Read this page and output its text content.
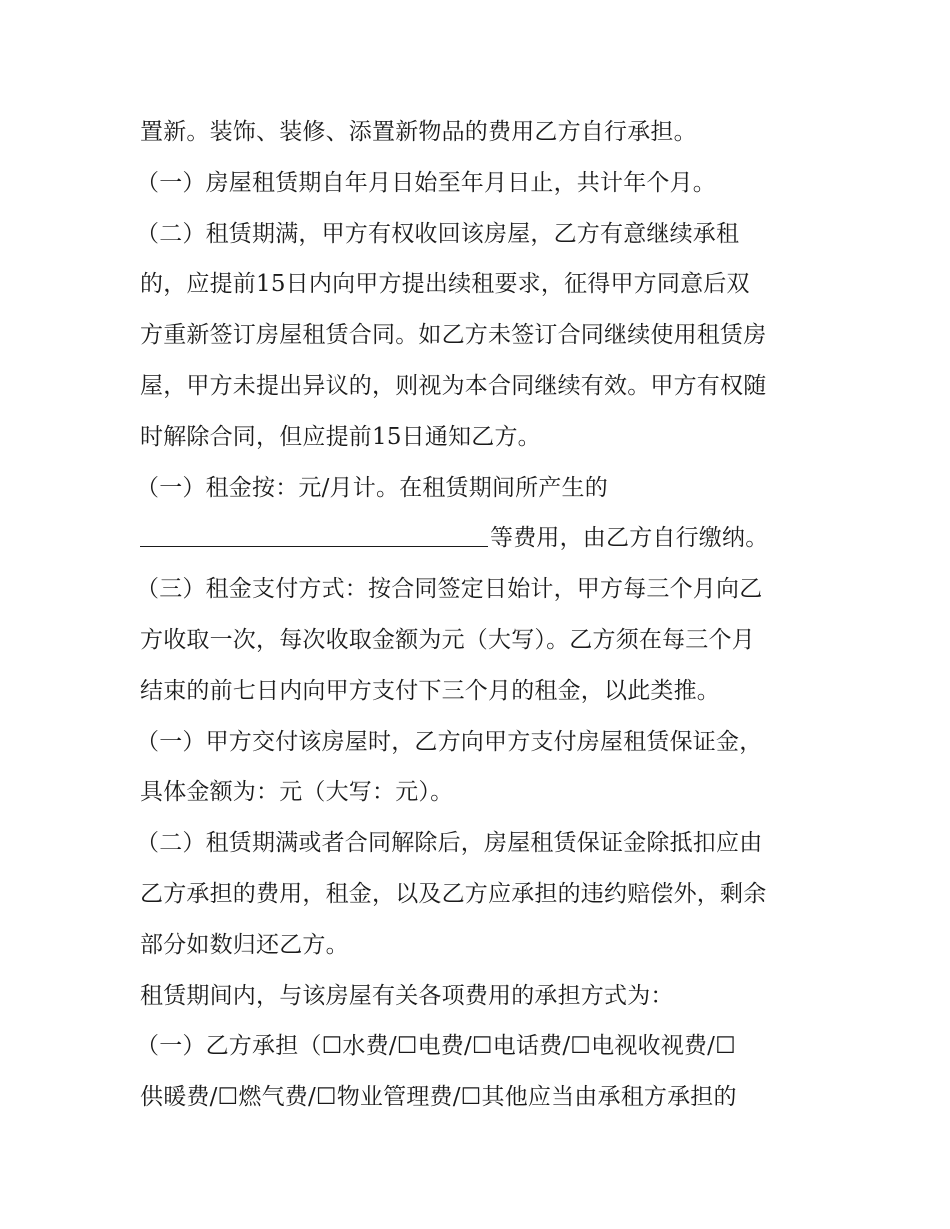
置新。装饰、装修、添置新物品的费用乙方自行承担。
（一）房屋租赁期自年月日始至年月日止，共计年个月。
（二）租赁期满，甲方有权收回该房屋，乙方有意继续承租
的，应提前15日内向甲方提出续租要求，征得甲方同意后双
方重新签订房屋租赁合同。如乙方未签订合同继续使用租赁房
屋，甲方未提出异议的，则视为本合同继续有效。甲方有权随
时解除合同，但应提前15日通知乙方。
（一）租金按：元/月计。在租赁期间所产生的
等费用，由乙方自行缴纳。
（三）租金支付方式：按合同签定日始计，甲方每三个月向乙
方收取一次，每次收取金额为元（大写）。乙方须在每三个月
结束的前七日内向甲方支付下三个月的租金，以此类推。
（一）甲方交付该房屋时，乙方向甲方支付房屋租赁保证金，
具体金额为：元（大写：元）。
（二）租赁期满或者合同解除后，房屋租赁保证金除抵扣应由
乙方承担的费用，租金，以及乙方应承担的违约赔偿外，剩余
部分如数归还乙方。
租赁期间内，与该房屋有关各项费用的承担方式为：
（一）乙方承担（☐水费/☐电费/☐电话费/☐电视收视费/☐
供暖费/☐燃气费/☐物业管理费/☐其他应当由承租方承担的
